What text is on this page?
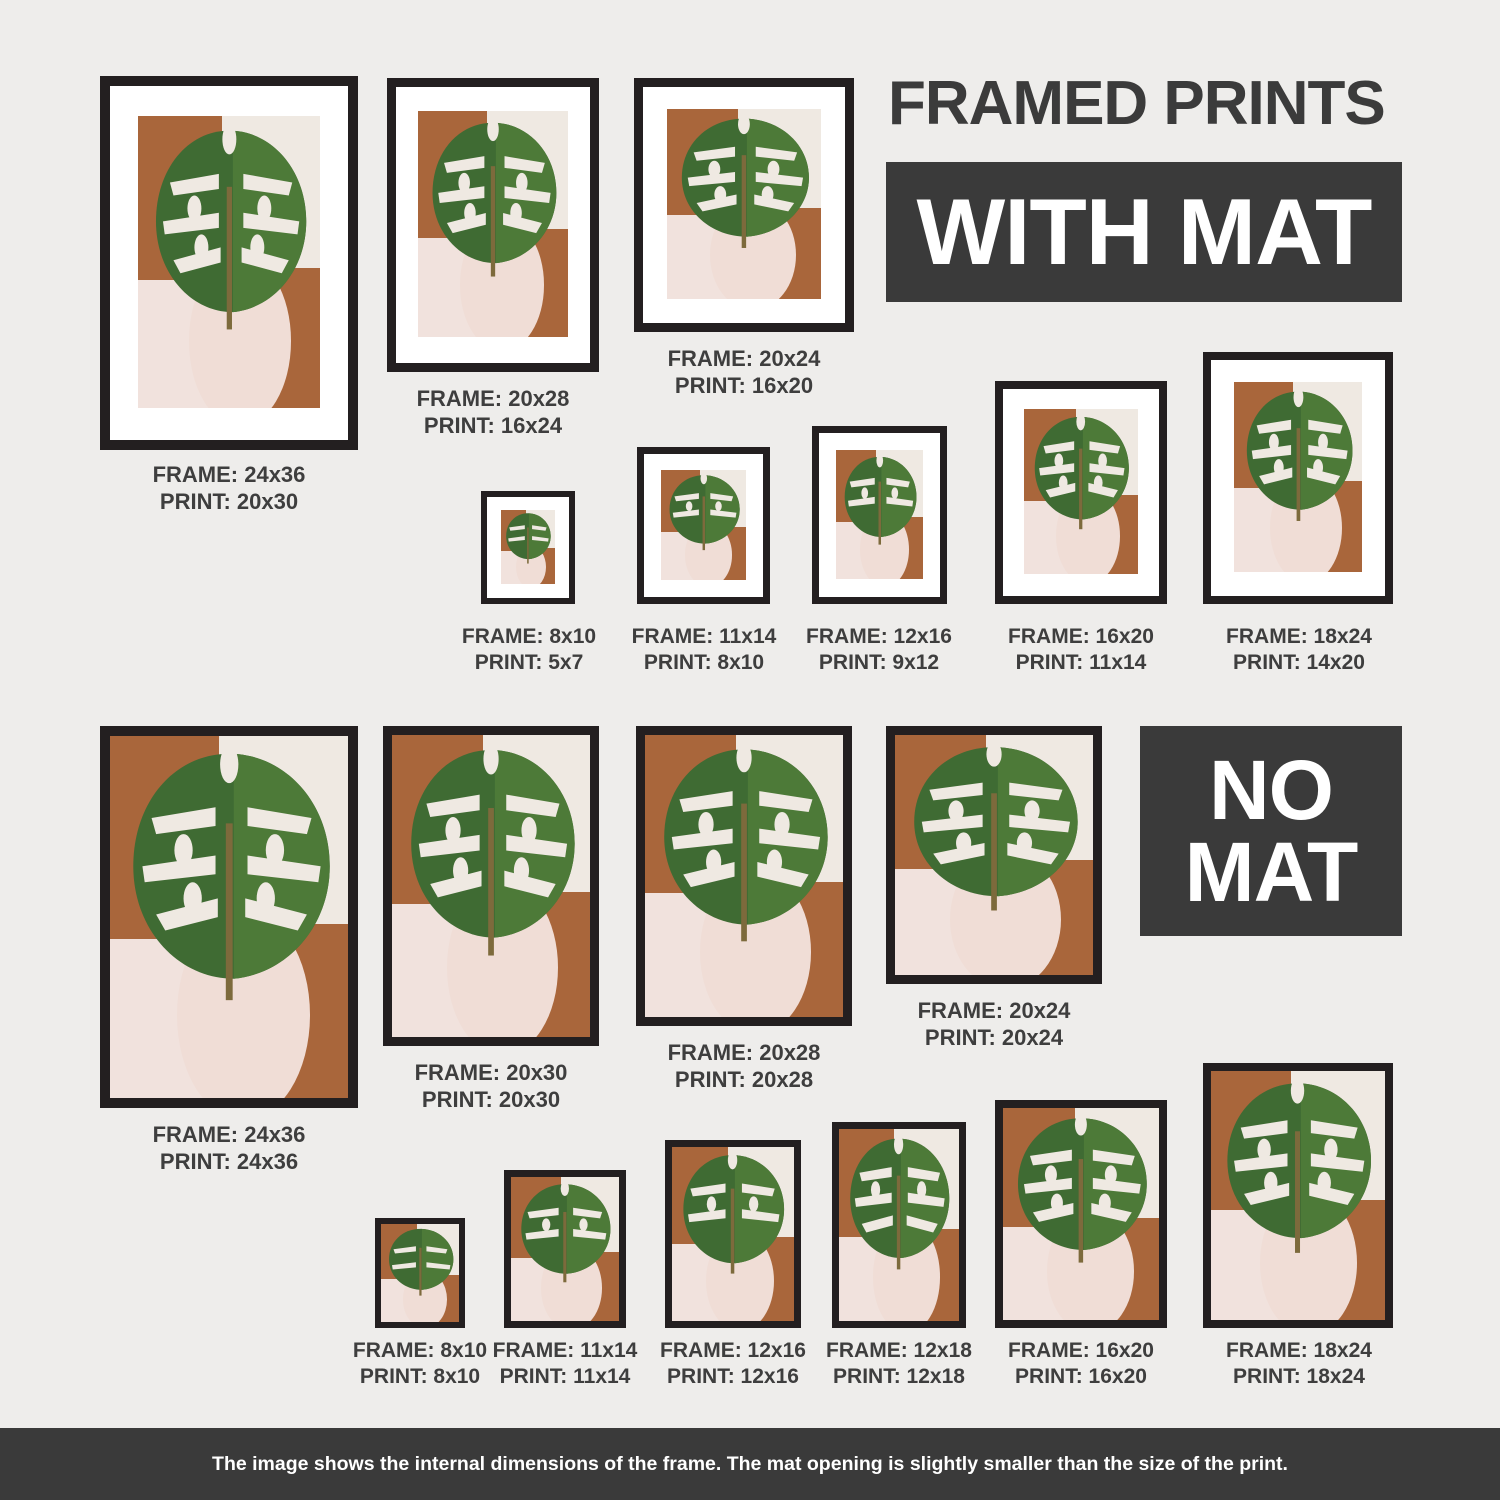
FRAMED PRINTS
WITH MAT
NO
MAT
FRAME: 24x36
PRINT: 20x30
FRAME: 20x28
PRINT: 16x24
FRAME: 20x24
PRINT: 16x20
FRAME: 8x10
PRINT: 5x7
FRAME: 11x14
PRINT: 8x10
FRAME: 12x16
PRINT: 9x12
FRAME: 16x20
PRINT: 11x14
FRAME: 18x24
PRINT: 14x20
FRAME: 24x36
PRINT: 24x36
FRAME: 20x30
PRINT: 20x30
FRAME: 20x28
PRINT: 20x28
FRAME: 20x24
PRINT: 20x24
FRAME: 8x10
PRINT: 8x10
FRAME: 11x14
PRINT: 11x14
FRAME: 12x16
PRINT: 12x16
FRAME: 12x18
PRINT: 12x18
FRAME: 16x20
PRINT: 16x20
FRAME: 18x24
PRINT: 18x24
The image shows the internal dimensions of the frame. The mat opening is slightly smaller than the size of the print.
